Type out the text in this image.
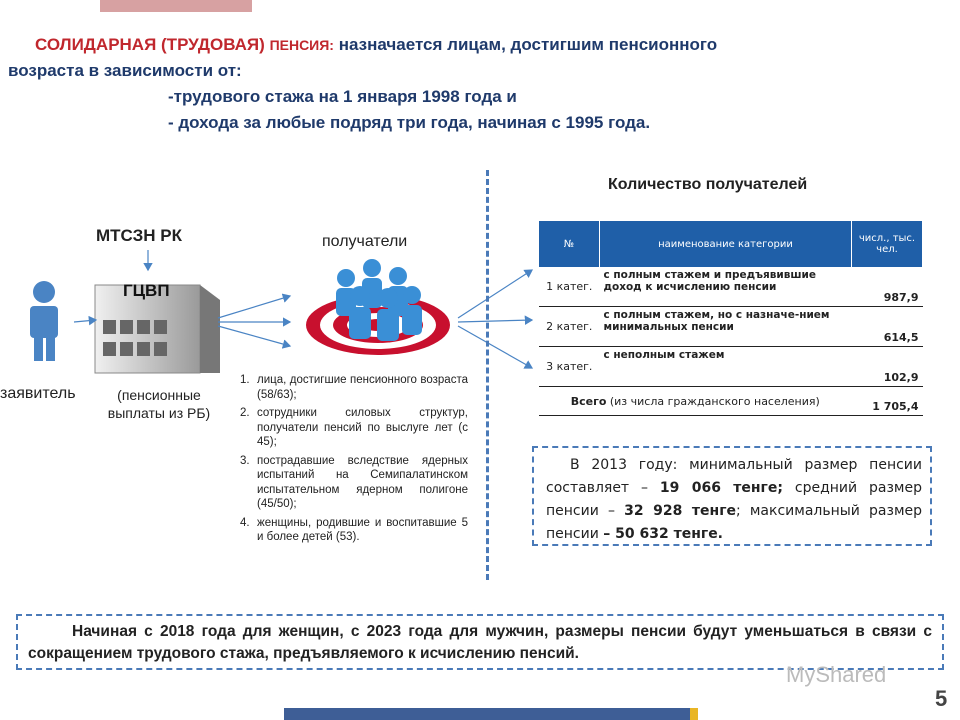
СОЛИДАРНАЯ (ТРУДОВАЯ) ПЕНСИЯ: назначается лицам, достигшим пенсионного
возраста в зависимости от:
-трудового стажа на 1 января 1998 года и
- дохода за любые подряд три года, начиная с 1995 года.
МТСЗН РК
ГЦВП
получатели
заявитель	(пенсионные выплаты из РБ)
1. лица, достигшие пенсионного возраста (58/63);
2. сотрудники силовых структур, получатели пенсий по выслуге лет (с 45);
3. пострадавшие вследствие ядерных испытаний на Семипалатинском испытательном ядерном полигоне (45/50);
4. женщины, родившие и воспитавшие 5 и более детей (53).
Количество получателей
№	наименование категории	числ., тыс. чел.
1 катег.	с полным стажем и предъявившие доход к исчислению пенсии	987,9
2 катег.	с полным стажем, но с назначе-нием минимальных пенсии	614,5
3 катег.	с неполным стажем	102,9
Всего (из числа гражданского населения)		1 705,4

В 2013 году: минимальный размер пенсии составляет – 19 066 тенге; средний размер пенсии – 32 928 тенге; максимальный размер пенсии – 50 632 тенге.

Начиная с 2018 года для женщин, с 2023 года для мужчин, размеры пенсии будут уменьшаться в связи с сокращением трудового стажа, предъявляемого к исчислению пенсий.

MyShared
5
